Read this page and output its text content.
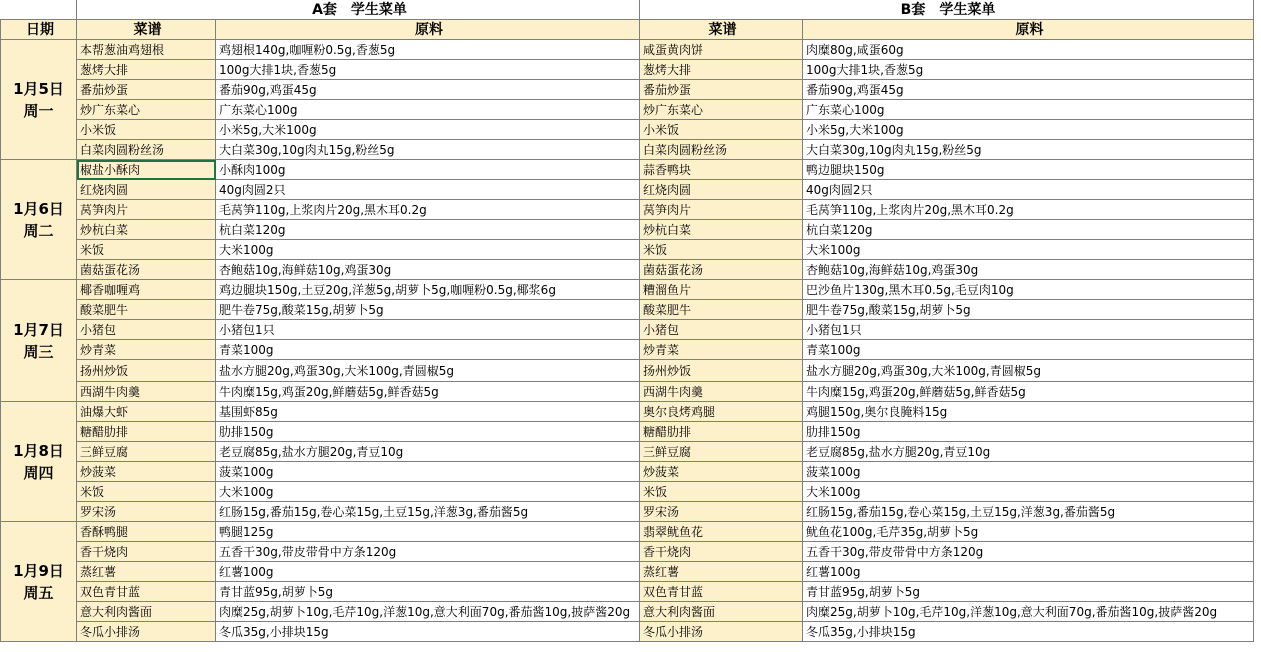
	A套　学生菜单		B套　学生菜单	
日期	菜谱	原料	菜谱	原料

1月5日
周一	本帮葱油鸡翅根	鸡翅根140g,咖喱粉0.5g,香葱5g	咸蛋黄肉饼	肉糜80g,咸蛋60g
	葱烤大排	100g大排1块,香葱5g	葱烤大排	100g大排1块,香葱5g
	番茄炒蛋	番茄90g,鸡蛋45g	番茄炒蛋	番茄90g,鸡蛋45g
	炒广东菜心	广东菜心100g	炒广东菜心	广东菜心100g
	小米饭	小米5g,大米100g	小米饭	小米5g,大米100g
	白菜肉圆粉丝汤	大白菜30g,10g肉丸15g,粉丝5g	白菜肉圆粉丝汤	大白菜30g,10g肉丸15g,粉丝5g

1月6日
周二	椒盐小酥肉	小酥肉100g	蒜香鸭块	鸭边腿块150g
	红烧肉圆	40g肉圆2只	红烧肉圆	40g肉圆2只
	莴笋肉片	毛莴笋110g,上浆肉片20g,黑木耳0.2g	莴笋肉片	毛莴笋110g,上浆肉片20g,黑木耳0.2g
	炒杭白菜	杭白菜120g	炒杭白菜	杭白菜120g
	米饭	大米100g	米饭	大米100g
	菌菇蛋花汤	杏鲍菇10g,海鲜菇10g,鸡蛋30g	菌菇蛋花汤	杏鲍菇10g,海鲜菇10g,鸡蛋30g

1月7日
周三	椰香咖喱鸡	鸡边腿块150g,土豆20g,洋葱5g,胡萝卜5g,咖喱粉0.5g,椰浆6g	糟溜鱼片	巴沙鱼片130g,黑木耳0.5g,毛豆肉10g
	酸菜肥牛	肥牛卷75g,酸菜15g,胡萝卜5g	酸菜肥牛	肥牛卷75g,酸菜15g,胡萝卜5g
	小猪包	小猪包1只	小猪包	小猪包1只
	炒青菜	青菜100g	炒青菜	青菜100g
	扬州炒饭	盐水方腿20g,鸡蛋30g,大米100g,青圆椒5g	扬州炒饭	盐水方腿20g,鸡蛋30g,大米100g,青圆椒5g
	西湖牛肉羹	牛肉糜15g,鸡蛋20g,鲜蘑菇5g,鲜香菇5g	西湖牛肉羹	牛肉糜15g,鸡蛋20g,鲜蘑菇5g,鲜香菇5g

1月8日
周四	油爆大虾	基围虾85g	奥尔良烤鸡腿	鸡腿150g,奥尔良腌料15g
	糖醋肋排	肋排150g	糖醋肋排	肋排150g
	三鲜豆腐	老豆腐85g,盐水方腿20g,青豆10g	三鲜豆腐	老豆腐85g,盐水方腿20g,青豆10g
	炒菠菜	菠菜100g	炒菠菜	菠菜100g
	米饭	大米100g	米饭	大米100g
	罗宋汤	红肠15g,番茄15g,卷心菜15g,土豆15g,洋葱3g,番茄酱5g	罗宋汤	红肠15g,番茄15g,卷心菜15g,土豆15g,洋葱3g,番茄酱5g

1月9日
周五	香酥鸭腿	鸭腿125g	翡翠鱿鱼花	鱿鱼花100g,毛芹35g,胡萝卜5g
	香干烧肉	五香干30g,带皮带骨中方条120g	香干烧肉	五香干30g,带皮带骨中方条120g
	蒸红薯	红薯100g	蒸红薯	红薯100g
	双色青甘蓝	青甘蓝95g,胡萝卜5g	双色青甘蓝	青甘蓝95g,胡萝卜5g
	意大利肉酱面	肉糜25g,胡萝卜10g,毛芹10g,洋葱10g,意大利面70g,番茄酱10g,披萨酱20g	意大利肉酱面	肉糜25g,胡萝卜10g,毛芹10g,洋葱10g,意大利面70g,番茄酱10g,披萨酱20g
	冬瓜小排汤	冬瓜35g,小排块15g	冬瓜小排汤	冬瓜35g,小排块15g
